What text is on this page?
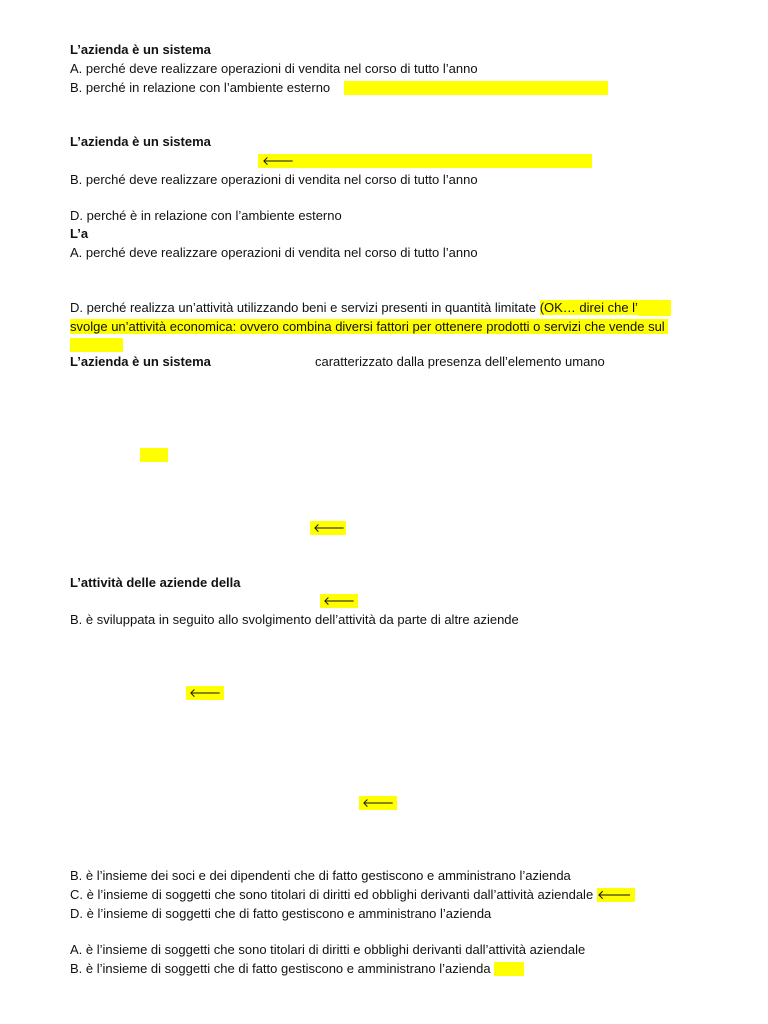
L’azienda è un sistema
A. perché deve realizzare operazioni di vendita nel corso di tutto l’anno
B. perché in relazione con l’ambiente esterno
L’azienda è un sistema
🡐
B. perché deve realizzare operazioni di vendita nel corso di tutto l’anno
D. perché è in relazione con l’ambiente esterno
L’a
A. perché deve realizzare operazioni di vendita nel corso di tutto l’anno
D. perché realizza un’attività utilizzando beni e servizi presenti in quantità limitate (OK… direi che l’
svolge un’attività economica: ovvero combina diversi fattori per ottenere prodotti o servizi che vende sul
L’azienda è un sistema	caratterizzato dalla presenza dell’elemento umano
🡐
L’attività delle aziende della
🡐
B. è sviluppata in seguito allo svolgimento dell’attività da parte di altre aziende
🡐
🡐
B. è l’insieme dei soci e dei dipendenti che di fatto gestiscono e amministrano l’azienda
C. è l’insieme di soggetti che sono titolari di diritti ed obblighi derivanti dall’attività aziendale 🡐
D. è l’insieme di soggetti che di fatto gestiscono e amministrano l’azienda
A. è l’insieme di soggetti che sono titolari di diritti e obblighi derivanti dall’attività aziendale
B. è l’insieme di soggetti che di fatto gestiscono e amministrano l’azienda
